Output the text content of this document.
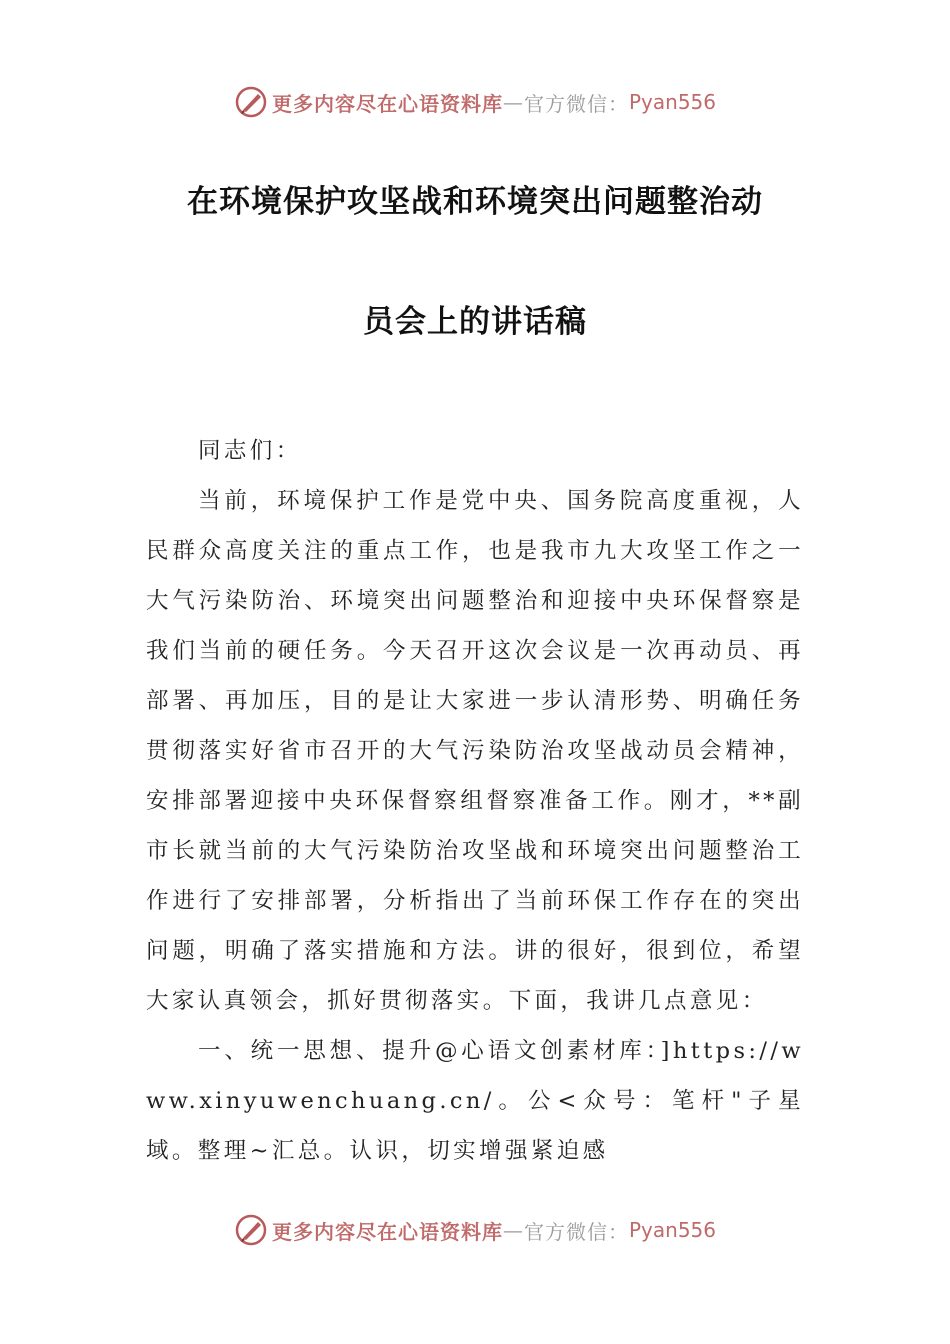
更多内容尽在心语资料库 — 官方微信： Pyan556
在环境保护攻坚战和环境突出问题整治动
员会上的讲话稿

同志们：

当前，环境保护工作是党中央、国务院高度重视，人民群众高度关注的重点工作，也是我市九大攻坚工作之一大气污染防治、环境突出问题整治和迎接中央环保督察是我们当前的硬任务。今天召开这次会议是一次再动员、再部署、再加压，目的是让大家进一步认清形势、明确任务贯彻落实好省市召开的大气污染防治攻坚战动员会精神，安排部署迎接中央环保督察组督察准备工作。刚才，**副市长就当前的大气污染防治攻坚战和环境突出问题整治工作进行了安排部署，分析指出了当前环保工作存在的突出问题，明确了落实措施和方法。讲的很好，很到位，希望大家认真领会，抓好贯彻落实。下面，我讲几点意见：

一、统一思想、提升@心语文创素材库：]https://www.xinyuwenchuang.cn/。公<众号：笔杆"子星域。整理~汇总。认识，切实增强紧迫感

更多内容尽在心语资料库 — 官方微信： Pyan556
